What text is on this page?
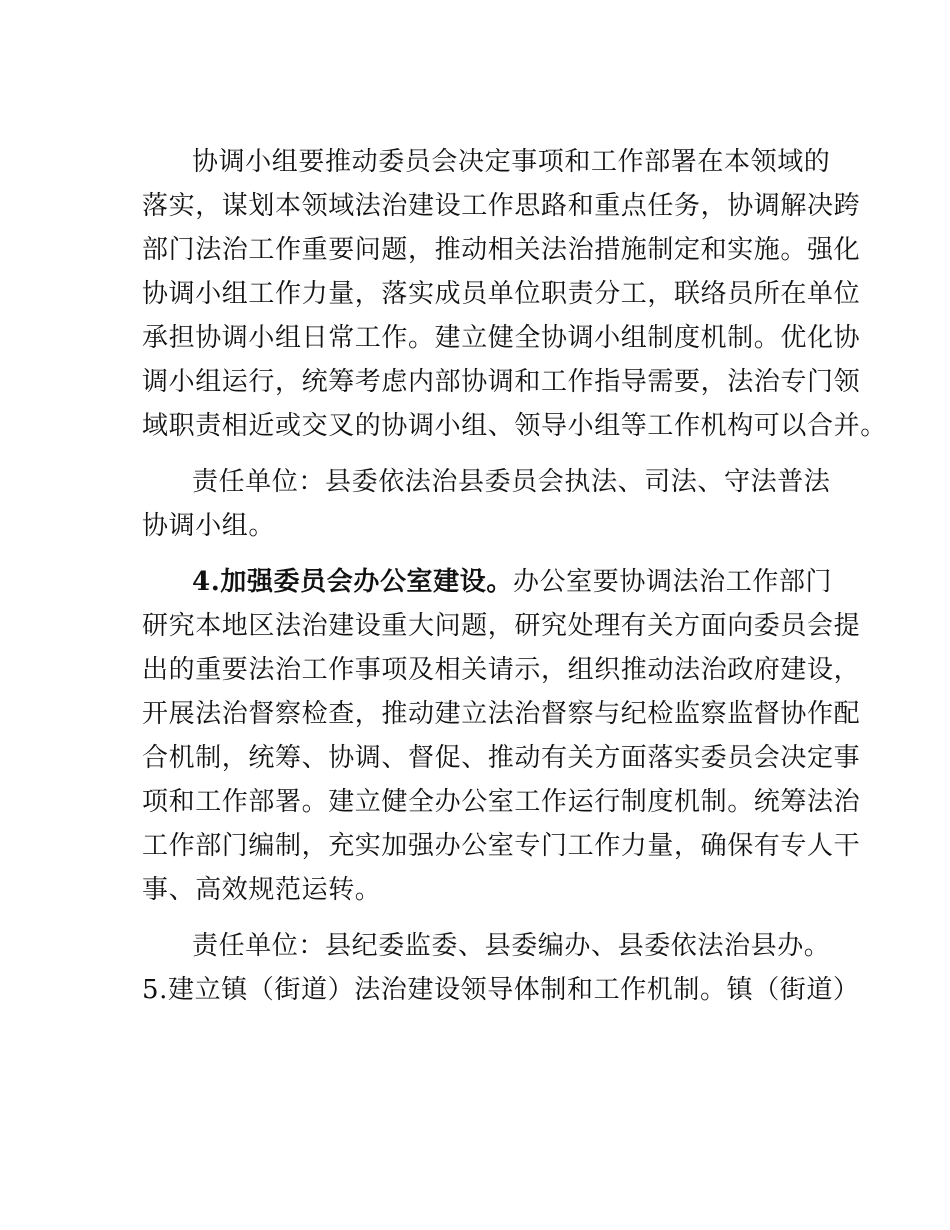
协调小组要推动委员会决定事项和工作部署在本领域的
落实，谋划本领域法治建设工作思路和重点任务，协调解决跨
部门法治工作重要问题，推动相关法治措施制定和实施。强化
协调小组工作力量，落实成员单位职责分工，联络员所在单位
承担协调小组日常工作。建立健全协调小组制度机制。优化协
调小组运行，统筹考虑内部协调和工作指导需要，法治专门领
域职责相近或交叉的协调小组、领导小组等工作机构可以合并。
责任单位：县委依法治县委员会执法、司法、守法普法
协调小组。
4.加强委员会办公室建设。办公室要协调法治工作部门
研究本地区法治建设重大问题，研究处理有关方面向委员会提
出的重要法治工作事项及相关请示，组织推动法治政府建设，
开展法治督察检查，推动建立法治督察与纪检监察监督协作配
合机制，统筹、协调、督促、推动有关方面落实委员会决定事
项和工作部署。建立健全办公室工作运行制度机制。统筹法治
工作部门编制，充实加强办公室专门工作力量，确保有专人干
事、高效规范运转。
责任单位：县纪委监委、县委编办、县委依法治县办。
5.建立镇（街道）法治建设领导体制和工作机制。镇（街道）
